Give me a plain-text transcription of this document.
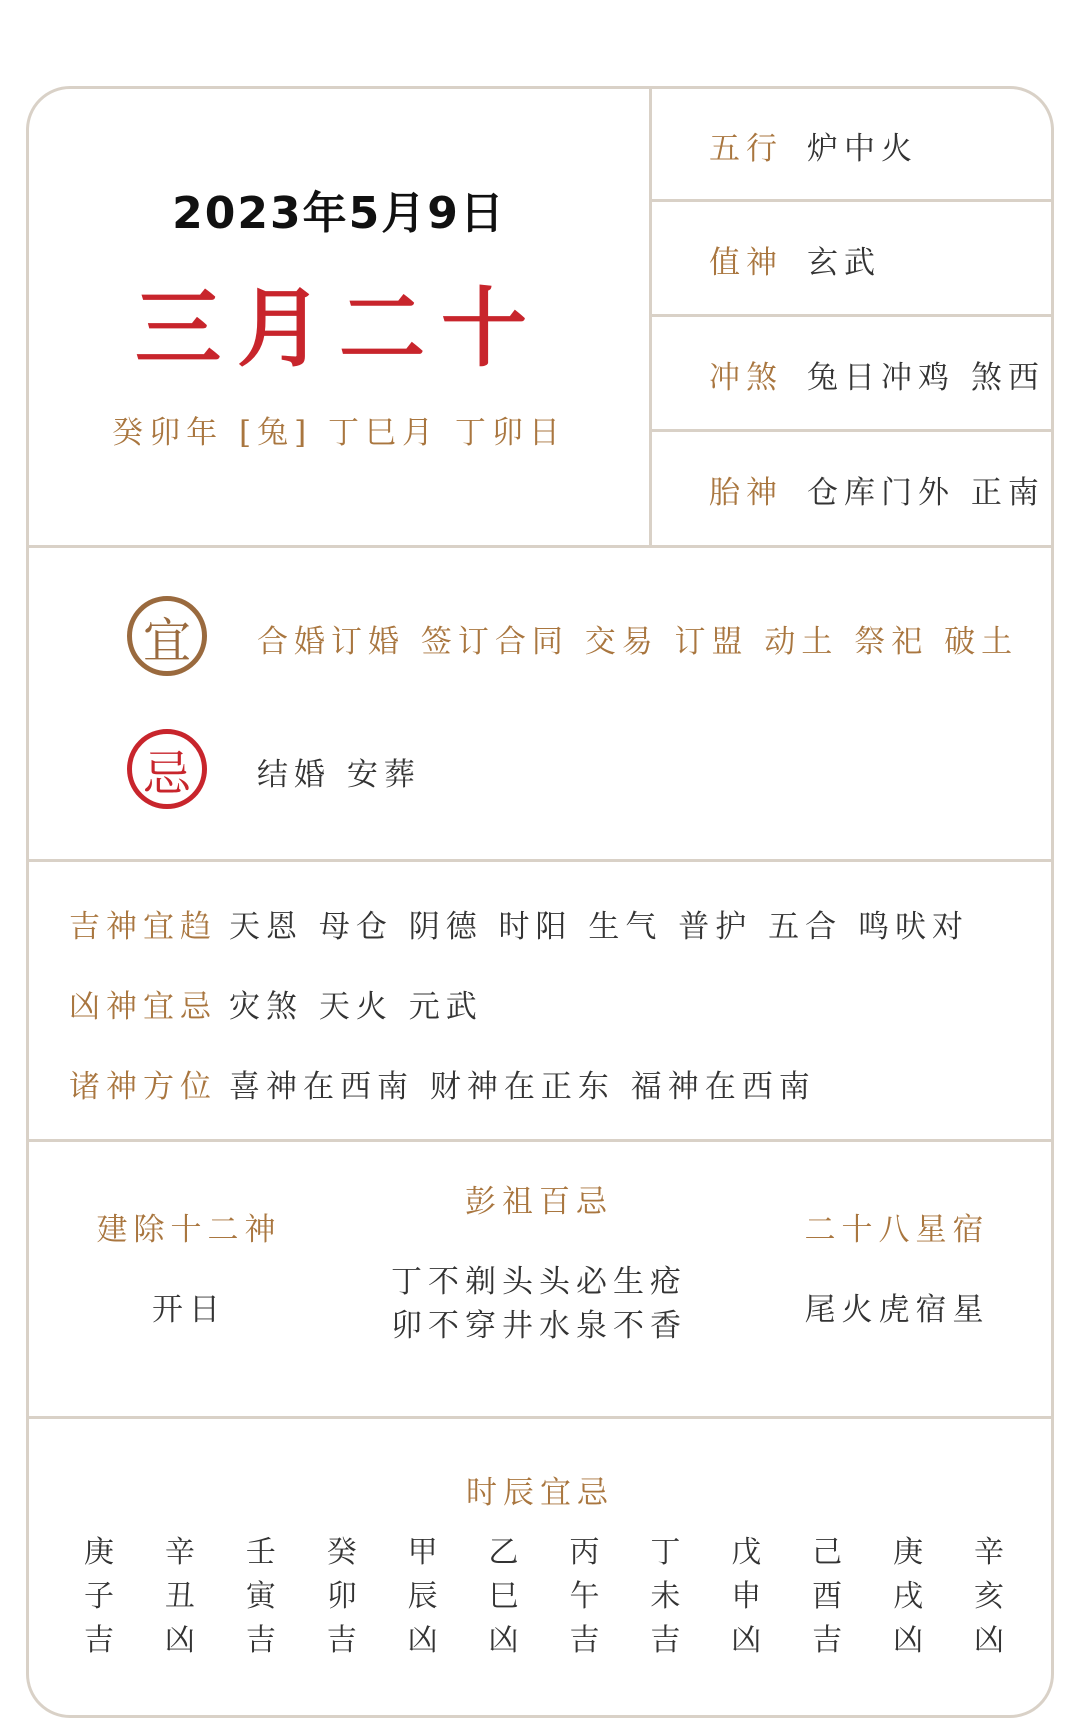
2023年5月9日
三月二十
癸卯年 [兔] 丁巳月 丁卯日
五行 炉中火
值神 玄武
冲煞 兔日冲鸡 煞西
胎神 仓库门外 正南
宜	合婚订婚 签订合同 交易 订盟 动土 祭祀 破土
忌	结婚 安葬
吉神宜趋 天恩 母仓 阴德 时阳 生气 普护 五合 鸣吠对
凶神宜忌 灾煞 天火 元武
诸神方位 喜神在西南 财神在正东 福神在西南
建除十二神
开日
彭祖百忌
丁不剃头头必生疮
卯不穿井水泉不香
二十八星宿
尾火虎宿星
时辰宜忌
庚
子
吉
辛
丑
凶
壬
寅
吉
癸
卯
吉
甲
辰
凶
乙
巳
凶
丙
午
吉
丁
未
吉
戊
申
凶
己
酉
吉
庚
戌
凶
辛
亥
凶
